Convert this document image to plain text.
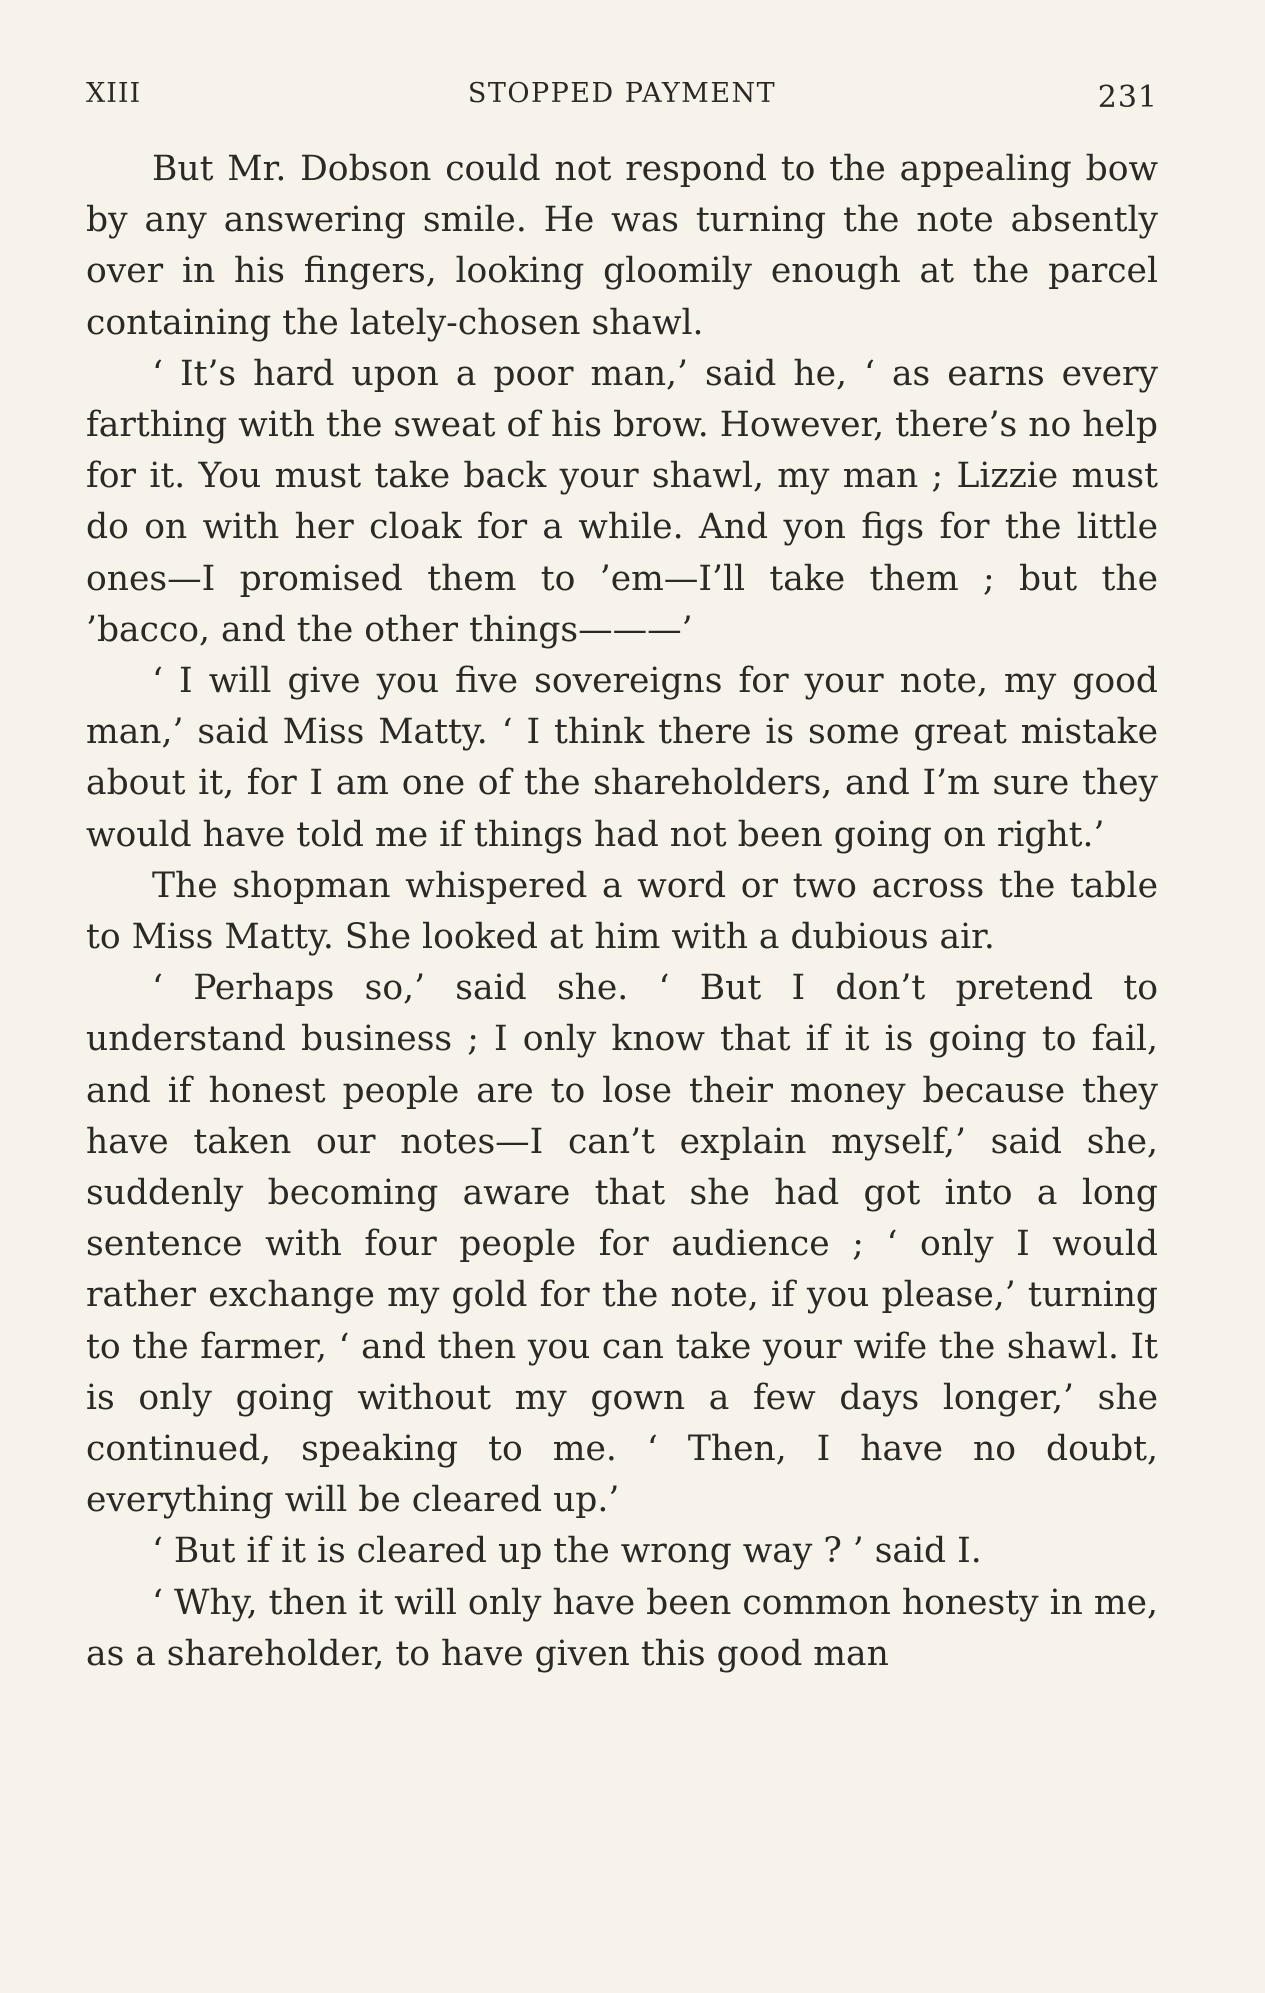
XIII	STOPPED PAYMENT	231

But Mr. Dobson could not respond to the appealing bow by any answering smile. He was turning the note absently over in his fingers, looking gloomily enough at the parcel containing the lately-chosen shawl.

‘ It’s hard upon a poor man,’ said he, ‘ as earns every farthing with the sweat of his brow. However, there’s no help for it. You must take back your shawl, my man ; Lizzie must do on with her cloak for a while. And yon figs for the little ones—I promised them to ’em—I’ll take them ; but the ’bacco, and the other things———’

‘ I will give you five sovereigns for your note, my good man,’ said Miss Matty. ‘ I think there is some great mistake about it, for I am one of the shareholders, and I’m sure they would have told me if things had not been going on right.’

The shopman whispered a word or two across the table to Miss Matty. She looked at him with a dubious air.

‘ Perhaps so,’ said she. ‘ But I don’t pretend to understand business ; I only know that if it is going to fail, and if honest people are to lose their money because they have taken our notes—I can’t explain myself,’ said she, suddenly becoming aware that she had got into a long sentence with four people for audience ; ‘ only I would rather exchange my gold for the note, if you please,’ turning to the farmer, ‘ and then you can take your wife the shawl. It is only going without my gown a few days longer,’ she continued, speaking to me. ‘ Then, I have no doubt, everything will be cleared up.’

‘ But if it is cleared up the wrong way ? ’ said I.

‘ Why, then it will only have been common honesty in me, as a shareholder, to have given this good man
